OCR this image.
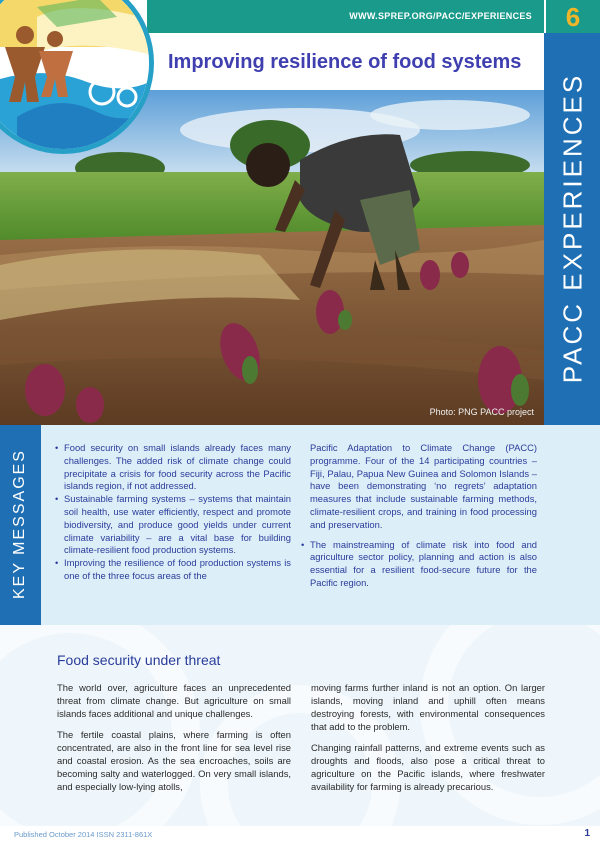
WWW.SPREP.ORG/PACC/EXPERIENCES	6
Improving resilience of food systems
Photo: PNG PACC project
PACC EXPERIENCES
KEY MESSAGES
• Food security on small islands already faces many challenges. The added risk of climate change could precipitate a crisis for food security across the Pacific islands region, if not addressed.
• Sustainable farming systems – systems that maintain soil health, use water efficiently, respect and promote biodiversity, and produce good yields under current climate variability – are a vital base for building climate-resilient food production systems.
• Improving the resilience of food production systems is one of the three focus areas of the
Pacific Adaptation to Climate Change (PACC) programme. Four of the 14 participating countries – Fiji, Palau, Papua New Guinea and Solomon Islands – have been demonstrating ‘no regrets’ adaptation measures that include sustainable farming methods, climate-resilient crops, and training in food processing and preservation.
• The mainstreaming of climate risk into food and agriculture sector policy, planning and action is also essential for a resilient food-secure future for the Pacific region.
Food security under threat

The world over, agriculture faces an unprecedented threat from climate change. But agriculture on small islands faces additional and unique challenges.

The fertile coastal plains, where farming is often concentrated, are also in the front line for sea level rise and coastal erosion. As the sea encroaches, soils are becoming salty and waterlogged. On very small islands, and especially low-lying atolls,

moving farms further inland is not an option. On larger islands, moving inland and uphill often means destroying forests, with environmental consequences that add to the problem.

Changing rainfall patterns, and extreme events such as droughts and floods, also pose a critical threat to agriculture on the Pacific islands, where freshwater availability for farming is already precarious.

Published October 2014 ISSN 2311-861X	1
